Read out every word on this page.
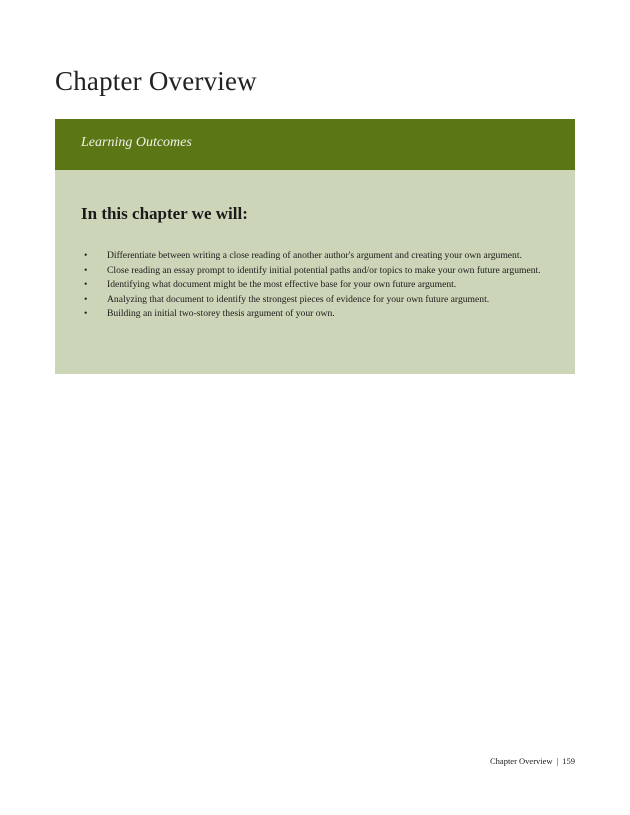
Chapter Overview
Learning Outcomes
In this chapter we will:
• Differentiate between writing a close reading of another author's argument and creating your own argument.
• Close reading an essay prompt to identify initial potential paths and/or topics to make your own future argument.
• Identifying what document might be the most effective base for your own future argument.
• Analyzing that document to identify the strongest pieces of evidence for your own future argument.
• Building an initial two-storey thesis argument of your own.
Chapter Overview | 159
